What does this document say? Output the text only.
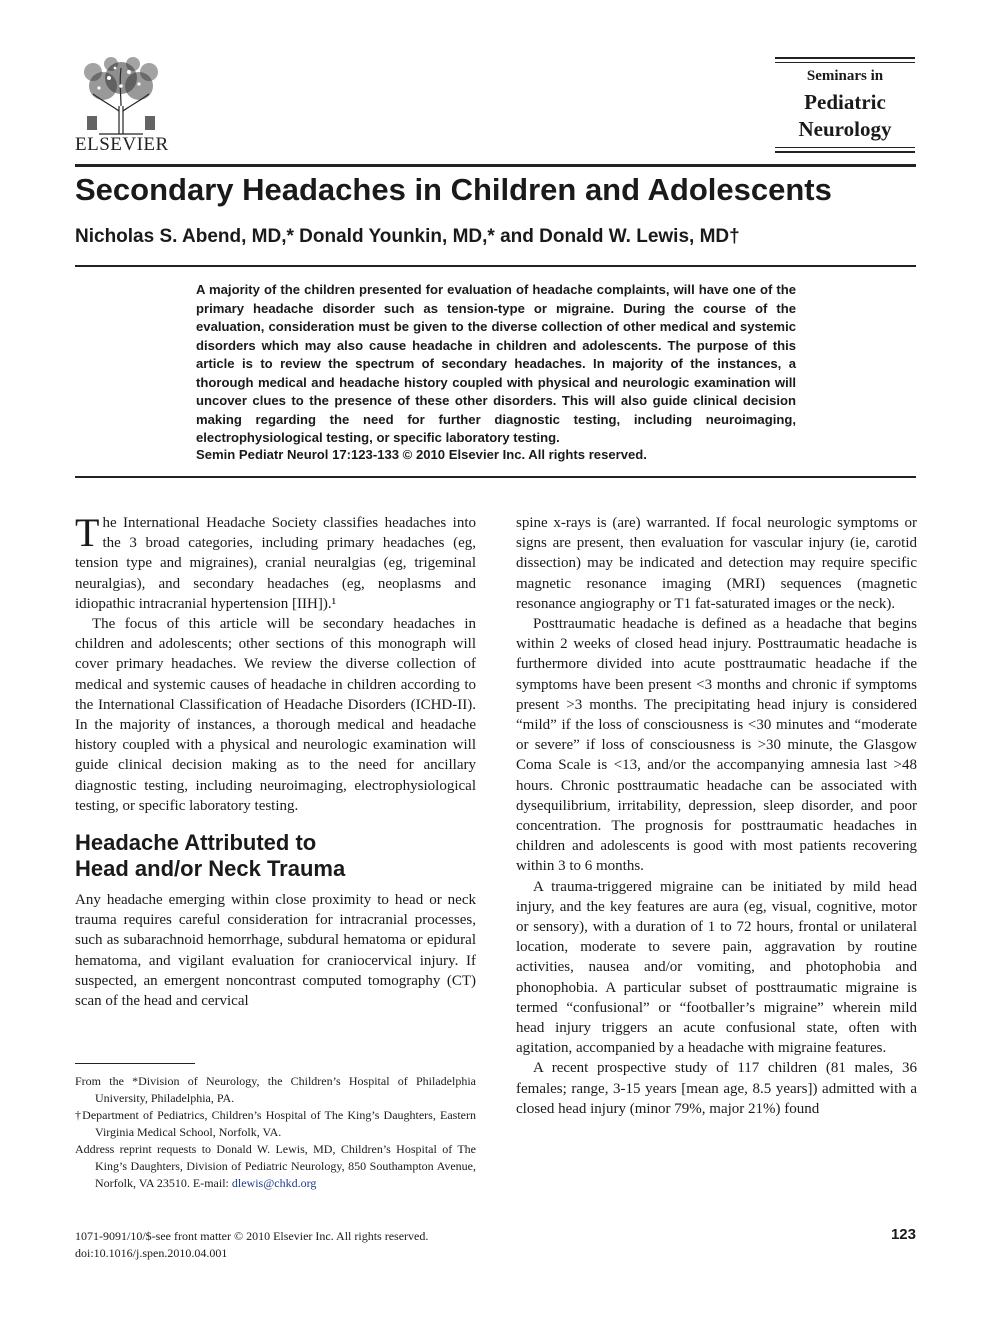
ELSEVIER
Seminars in
Pediatric
Neurology
Secondary Headaches in Children and Adolescents
Nicholas S. Abend, MD,* Donald Younkin, MD,* and Donald W. Lewis, MD†

A majority of the children presented for evaluation of headache complaints, will have one of the primary headache disorder such as tension-type or migraine. During the course of the evaluation, consideration must be given to the diverse collection of other medical and systemic disorders which may also cause headache in children and adolescents. The purpose of this article is to review the spectrum of secondary headaches. In majority of the instances, a thorough medical and headache history coupled with physical and neurologic examination will uncover clues to the presence of these other disorders. This will also guide clinical decision making regarding the need for further diagnostic testing, including neuroimaging, electrophysiological testing, or specific laboratory testing.

Semin Pediatr Neurol 17:123-133 © 2010 Elsevier Inc. All rights reserved.

The International Headache Society classifies headaches into the 3 broad categories, including primary headaches (eg, tension type and migraines), cranial neuralgias (eg, trigeminal neuralgias), and secondary headaches (eg, neoplasms and idiopathic intracranial hypertension [IIH]).¹

The focus of this article will be secondary headaches in children and adolescents; other sections of this monograph will cover primary headaches. We review the diverse collection of medical and systemic causes of headache in children according to the International Classification of Headache Disorders (ICHD-II). In the majority of instances, a thorough medical and headache history coupled with a physical and neurologic examination will guide clinical decision making as to the need for ancillary diagnostic testing, including neuroimaging, electrophysiological testing, or specific laboratory testing.

Headache Attributed to
Head and/or Neck Trauma

Any headache emerging within close proximity to head or neck trauma requires careful consideration for intracranial processes, such as subarachnoid hemorrhage, subdural hematoma or epidural hematoma, and vigilant evaluation for craniocervical injury. If suspected, an emergent noncontrast computed tomography (CT) scan of the head and cervical

spine x-rays is (are) warranted. If focal neurologic symptoms or signs are present, then evaluation for vascular injury (ie, carotid dissection) may be indicated and detection may require specific magnetic resonance imaging (MRI) sequences (magnetic resonance angiography or T1 fat-saturated images or the neck).

Posttraumatic headache is defined as a headache that begins within 2 weeks of closed head injury. Posttraumatic headache is furthermore divided into acute posttraumatic headache if the symptoms have been present <3 months and chronic if symptoms present >3 months. The precipitating head injury is considered “mild” if the loss of consciousness is <30 minutes and “moderate or severe” if loss of consciousness is >30 minute, the Glasgow Coma Scale is <13, and/or the accompanying amnesia last >48 hours. Chronic posttraumatic headache can be associated with dysequilibrium, irritability, depression, sleep disorder, and poor concentration. The prognosis for posttraumatic headaches in children and adolescents is good with most patients recovering within 3 to 6 months.

A trauma-triggered migraine can be initiated by mild head injury, and the key features are aura (eg, visual, cognitive, motor or sensory), with a duration of 1 to 72 hours, frontal or unilateral location, moderate to severe pain, aggravation by routine activities, nausea and/or vomiting, and photophobia and phonophobia. A particular subset of posttraumatic migraine is termed “confusional” or “footballer’s migraine” wherein mild head injury triggers an acute confusional state, often with agitation, accompanied by a headache with migraine features.

A recent prospective study of 117 children (81 males, 36 females; range, 3-15 years [mean age, 8.5 years]) admitted with a closed head injury (minor 79%, major 21%) found

From the *Division of Neurology, the Children’s Hospital of Philadelphia University, Philadelphia, PA.

†Department of Pediatrics, Children’s Hospital of The King’s Daughters, Eastern Virginia Medical School, Norfolk, VA.

Address reprint requests to Donald W. Lewis, MD, Children’s Hospital of The King’s Daughters, Division of Pediatric Neurology, 850 Southampton Avenue, Norfolk, VA 23510. E-mail: dlewis@chkd.org

1071-9091/10/$-see front matter © 2010 Elsevier Inc. All rights reserved.
doi:10.1016/j.spen.2010.04.001
123
